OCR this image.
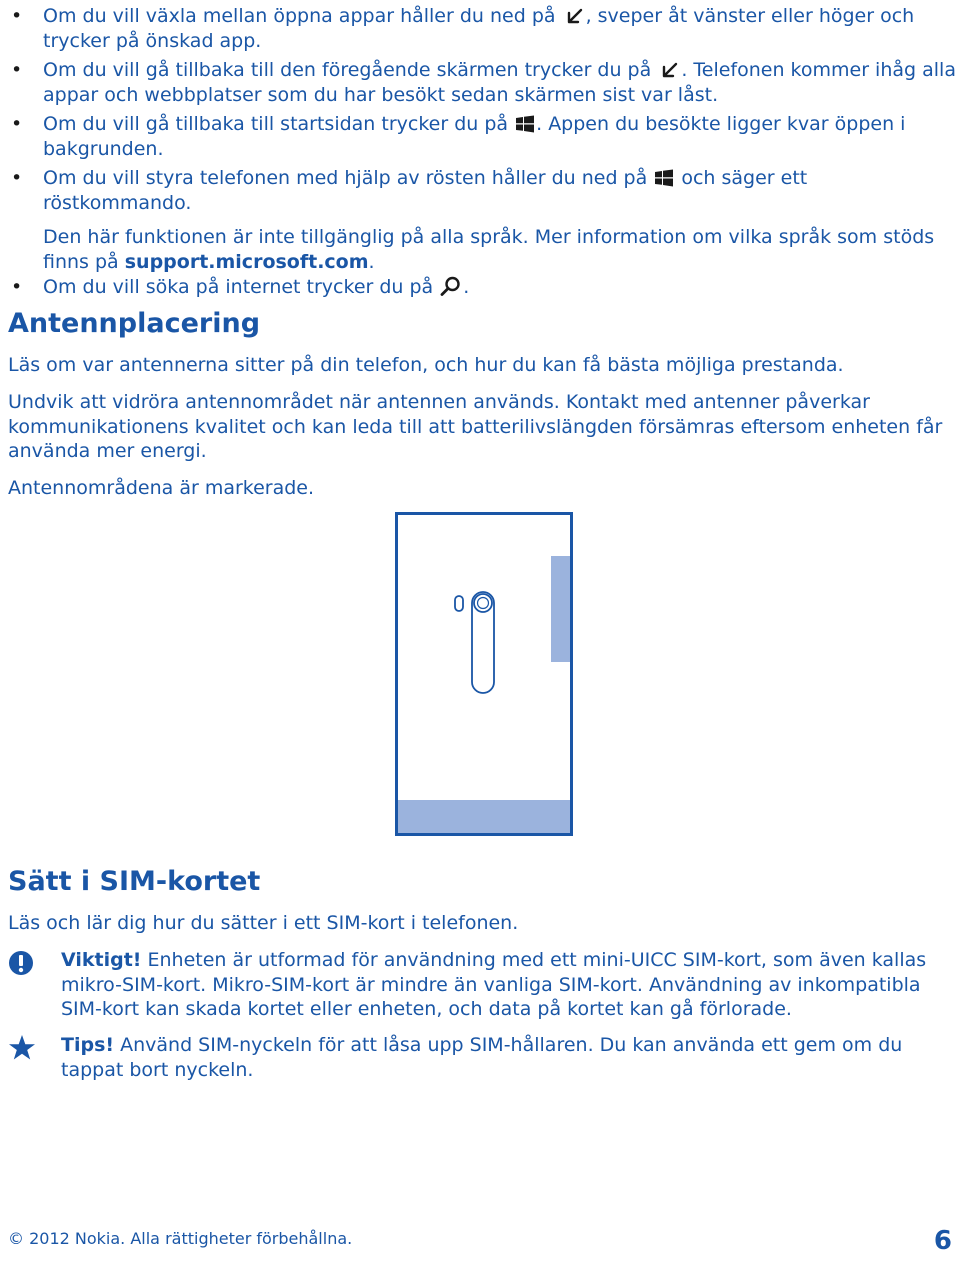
• Om du vill växla mellan öppna appar håller du ned på , sveper åt vänster eller höger och trycker på önskad app.
• Om du vill gå tillbaka till den föregående skärmen trycker du på . Telefonen kommer ihåg alla appar och webbplatser som du har besökt sedan skärmen sist var låst.
• Om du vill gå tillbaka till startsidan trycker du på . Appen du besökte ligger kvar öppen i bakgrunden.
• Om du vill styra telefonen med hjälp av rösten håller du ned på  och säger ett röstkommando.
Den här funktionen är inte tillgänglig på alla språk. Mer information om vilka språk som stöds finns på support.microsoft.com.
• Om du vill söka på internet trycker du på .
Antennplacering

Läs om var antennerna sitter på din telefon, och hur du kan få bästa möjliga prestanda.

Undvik att vidröra antennområdet när antennen används. Kontakt med antenner påverkar kommunikationens kvalitet och kan leda till att batterilivslängden försämras eftersom enheten får använda mer energi.

Antennområdena är markerade.

Sätt i SIM-kortet

Läs och lär dig hur du sätter i ett SIM-kort i telefonen.

Viktigt! Enheten är utformad för användning med ett mini-UICC SIM-kort, som även kallas mikro-SIM-kort. Mikro-SIM-kort är mindre än vanliga SIM-kort. Användning av inkompatibla SIM-kort kan skada kortet eller enheten, och data på kortet kan gå förlorade.
Tips! Använd SIM-nyckeln för att låsa upp SIM-hållaren. Du kan använda ett gem om du tappat bort nyckeln.
© 2012 Nokia. Alla rättigheter förbehållna.	6
